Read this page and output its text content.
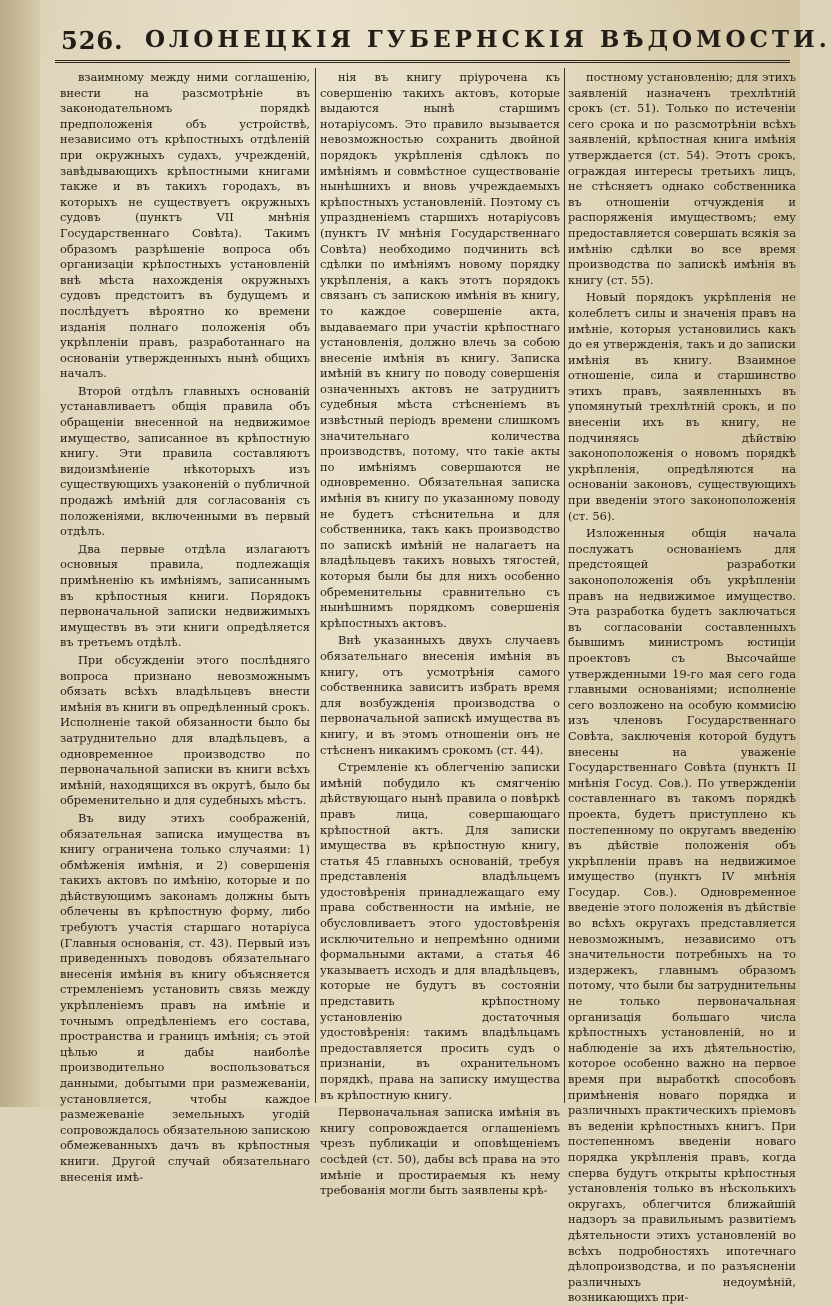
526. ОЛОНЕЦКІЯ ГУБЕРНСКІЯ ВѢДОМОСТИ.

взаимному между ними соглашенію, внести на разсмотрѣніе въ законодательномъ порядкѣ предположенія объ устройствѣ, независимо отъ крѣпостныхъ отдѣленій при окружныхъ судахъ, учрежденій, завѣдывающихъ крѣпостными книгами также и въ такихъ городахъ, въ которыхъ не существуетъ окружныхъ судовъ (пунктъ VII мнѣнія Государственнаго Совѣта). Такимъ образомъ разрѣшеніе вопроса объ организаціи крѣпостныхъ установленій внѣ мѣста нахожденія окружныхъ судовъ предстоитъ въ будущемъ и послѣдуетъ вѣроятно ко времени изданія полнаго положенія объ укрѣпленіи правъ, разработаннаго на основаніи утвержденныхъ нынѣ общихъ началъ.

Второй отдѣлъ главныхъ основаній устанавливаетъ общія правила объ обращеніи внесенной на недвижимое имущество, записанное въ крѣпостную книгу. Эти правила составляютъ видоизмѣненіе нѣкоторыхъ изъ существующихъ узаконеній о публичной продажѣ имѣній для согласованія съ положеніями, включенными въ первый отдѣлъ.

Два первые отдѣла излагаютъ основныя правила, подлежащія примѣненію къ имѣніямъ, записаннымъ въ крѣпостныя книги. Порядокъ первоначальной записки недвижимыхъ имуществъ въ эти книги опредѣляется въ третьемъ отдѣлѣ.

При обсужденіи этого послѣдняго вопроса признано невозможнымъ обязать всѣхъ владѣльцевъ внести имѣнія въ книги въ опредѣленный срокъ. Исполненіе такой обязанности было бы затруднительно для владѣльцевъ, а одновременное производство по первоначальной записки въ книги всѣхъ имѣній, находящихся въ округѣ, было бы обременительно и для судебныхъ мѣстъ.

Въ виду этихъ соображеній, обязательная записка имущества въ книгу ограничена только случаями: 1) обмѣженія имѣнія, и 2) совершенія такихъ актовъ по имѣнію, которые и по дѣйствующимъ законамъ должны быть облечены въ крѣпостную форму, либо требуютъ участія старшаго нотаріуса (Главныя основанія, ст. 43). Первый изъ приведенныхъ поводовъ обязательнаго внесенія имѣнія въ книгу объясняется стремленіемъ установить связь между укрѣпленіемъ правъ на имѣніе и точнымъ опредѣленіемъ его состава, пространства и границъ имѣнія; съ этой цѣлью и дабы наиболѣе производительно воспользоваться данными, добытыми при размежеваніи, установляется, чтобы каждое размежеваніе земельныхъ угодій сопровождалось обязательною запискою обмежеванныхъ дачъ въ крѣпостныя книги. Другой случай обязательнаго внесенія имѣ-

нія въ книгу пріурочена къ совершенію такихъ актовъ, которые выдаются нынѣ старшимъ нотаріусомъ. Это правило вызывается невозможностью сохранить двойной порядокъ укрѣпленія сдѣлокъ по имѣніямъ и совмѣстное существованіе нынѣшнихъ и вновь учреждаемыхъ крѣпостныхъ установленій. Поэтому съ упраздненіемъ старшихъ нотаріусовъ (пунктъ IV мнѣнія Государственнаго Совѣта) необходимо подчинить всѣ сдѣлки по имѣніямъ новому порядку укрѣпленія, а какъ этотъ порядокъ связанъ съ запискою имѣнія въ книгу, то каждое совершеніе акта, выдаваемаго при участіи крѣпостнаго установленія, должно влечь за собою внесеніе имѣнія въ книгу. Записка имѣній въ книгу по поводу совершенія означенныхъ актовъ не затруднитъ судебныя мѣста стѣсненіемъ въ извѣстный періодъ времени слишкомъ значительнаго количества производствъ, потому, что такіе акты по имѣніямъ совершаются не одновременно. Обязательная записка имѣнія въ книгу по указанному поводу не будетъ стѣснительна и для собственника, такъ какъ производство по запискѣ имѣній не налагаетъ на владѣльцевъ такихъ новыхъ тягостей, которыя были бы для нихъ особенно обременительны сравнительно съ нынѣшнимъ порядкомъ совершенія крѣпостныхъ актовъ.

Внѣ указанныхъ двухъ случаевъ обязательнаго внесенія имѣнія въ книгу, отъ усмотрѣнія самого собственника зависитъ избрать время для возбужденія производства о первоначальной запискѣ имущества въ книгу, и въ этомъ отношеніи онъ не стѣсненъ никакимъ срокомъ (ст. 44).

Стремленіе къ облегченію записки имѣній побудило къ смягченію дѣйствующаго нынѣ правила о повѣркѣ правъ лица, совершающаго крѣпостной актъ. Для записки имущества въ крѣпостную книгу, статья 45 главныхъ основаній, требуя представленія владѣльцемъ удостовѣренія принадлежащаго ему права собственности на имѣніе, не обусловливаетъ этого удостовѣренія исключительно и непремѣнно одними формальными актами, а статья 46 указываетъ исходъ и для владѣльцевъ, которые не будутъ въ состояніи представить крѣпостному установленію достаточныя удостовѣренія: такимъ владѣльцамъ предоставляется просить судъ о признаніи, въ охранительномъ порядкѣ, права на записку имущества въ крѣпостную книгу.

Первоначальная записка имѣнія въ книгу сопровождается оглашеніемъ чрезъ публикаціи и оповѣщеніемъ сосѣдей (ст. 50), дабы всѣ права на это имѣніе и простираемыя къ нему требованія могли быть заявлены крѣ-

постному установленію; для этихъ заявленій назначенъ трехлѣтній срокъ (ст. 51). Только по истеченіи сего срока и по разсмотрѣніи всѣхъ заявленій, крѣпостная книга имѣнія утверждается (ст. 54). Этотъ срокъ, ограждая интересы третьихъ лицъ, не стѣсняетъ однако собственника въ отношеніи отчужденія и распоряженія имуществомъ; ему предоставляется совершать всякія за имѣнію сдѣлки во все время производства по запискѣ имѣнія въ книгу (ст. 55).

Новый порядокъ укрѣпленія не колеблетъ силы и значенія правъ на имѣніе, которыя установились какъ до ея утвержденія, такъ и до записки имѣнія въ книгу. Взаимное отношеніе, сила и старшинство этихъ правъ, заявленныхъ въ упомянутый трехлѣтній срокъ, и по внесеніи ихъ въ книгу, не подчиняясь дѣйствію законоположенія о новомъ порядкѣ укрѣпленія, опредѣляются на основаніи законовъ, существующихъ при введеніи этого законоположенія (ст. 56).

Изложенныя общія начала послужатъ основаніемъ для предстоящей разработки законоположенія объ укрѣпленіи правъ на недвижимое имущество. Эта разработка будетъ заключаться въ согласованіи составленныхъ бывшимъ министромъ юстиціи проектовъ съ Высочайше утвержденными 19-го мая сего года главными основаніями; исполненіе сего возложено на особую коммисію изъ членовъ Государственнаго Совѣта, заключенія которой будутъ внесены на уваженіе Государственнаго Совѣта (пунктъ II мнѣнія Госуд. Сов.). По утвержденіи составленнаго въ такомъ порядкѣ проекта, будетъ приступлено къ постепенному по округамъ введенію въ дѣйствіе положенія объ укрѣпленіи правъ на недвижимое имущество (пунктъ IV мнѣнія Государ. Сов.). Одновременное введеніе этого положенія въ дѣйствіе во всѣхъ округахъ представляется невозможнымъ, независимо отъ значительности потребныхъ на то издержекъ, главнымъ образомъ потому, что были бы затруднительны не только первоначальная организація большаго числа крѣпостныхъ установленій, но и наблюденіе за ихъ дѣятельностію, которое особенно важно на первое время при выработкѣ способовъ примѣненія новаго порядка и различныхъ практическихъ пріемовъ въ веденіи крѣпостныхъ книгъ. При постепенномъ введеніи новаго порядка укрѣпленія правъ, когда сперва будутъ открыты крѣпостныя установленія только въ нѣсколькихъ округахъ, облегчится ближайшій надзоръ за правильнымъ развитіемъ дѣятельности этихъ установленій во всѣхъ подробностяхъ ипотечнаго дѣлопроизводства, и по разъясненіи различныхъ недоумѣній, возникающихъ при-
